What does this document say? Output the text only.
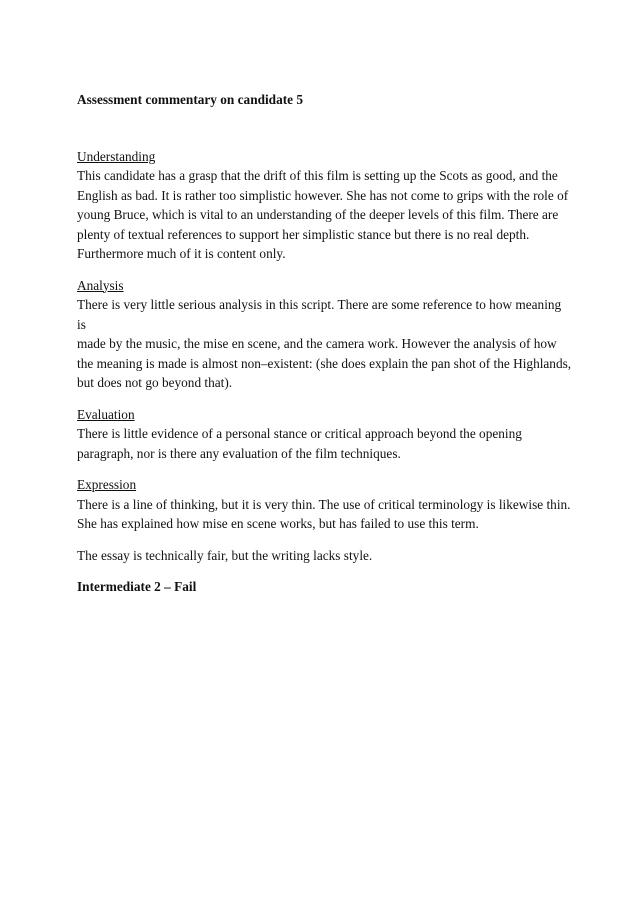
Assessment commentary on candidate 5

Understanding
This candidate has a grasp that the drift of this film is setting up the Scots as good, and the
English as bad. It is rather too simplistic however. She has not come to grips with the role of
young Bruce, which is vital to an understanding of the deeper levels of this film. There are
plenty of textual references to support her simplistic stance but there is no real depth.
Furthermore much of it is content only.
Analysis
There is very little serious analysis in this script. There are some reference to how meaning is
made by the music, the mise en scene, and the camera work. However the analysis of how
the meaning is made is almost non–existent: (she does explain the pan shot of the Highlands,
but does not go beyond that).
Evaluation
There is little evidence of a personal stance or critical approach beyond the opening
paragraph, nor is there any evaluation of the film techniques.
Expression
There is a line of thinking, but it is very thin. The use of critical terminology is likewise thin.
She has explained how mise en scene works, but has failed to use this term.

The essay is technically fair, but the writing lacks style.

Intermediate 2 – Fail
